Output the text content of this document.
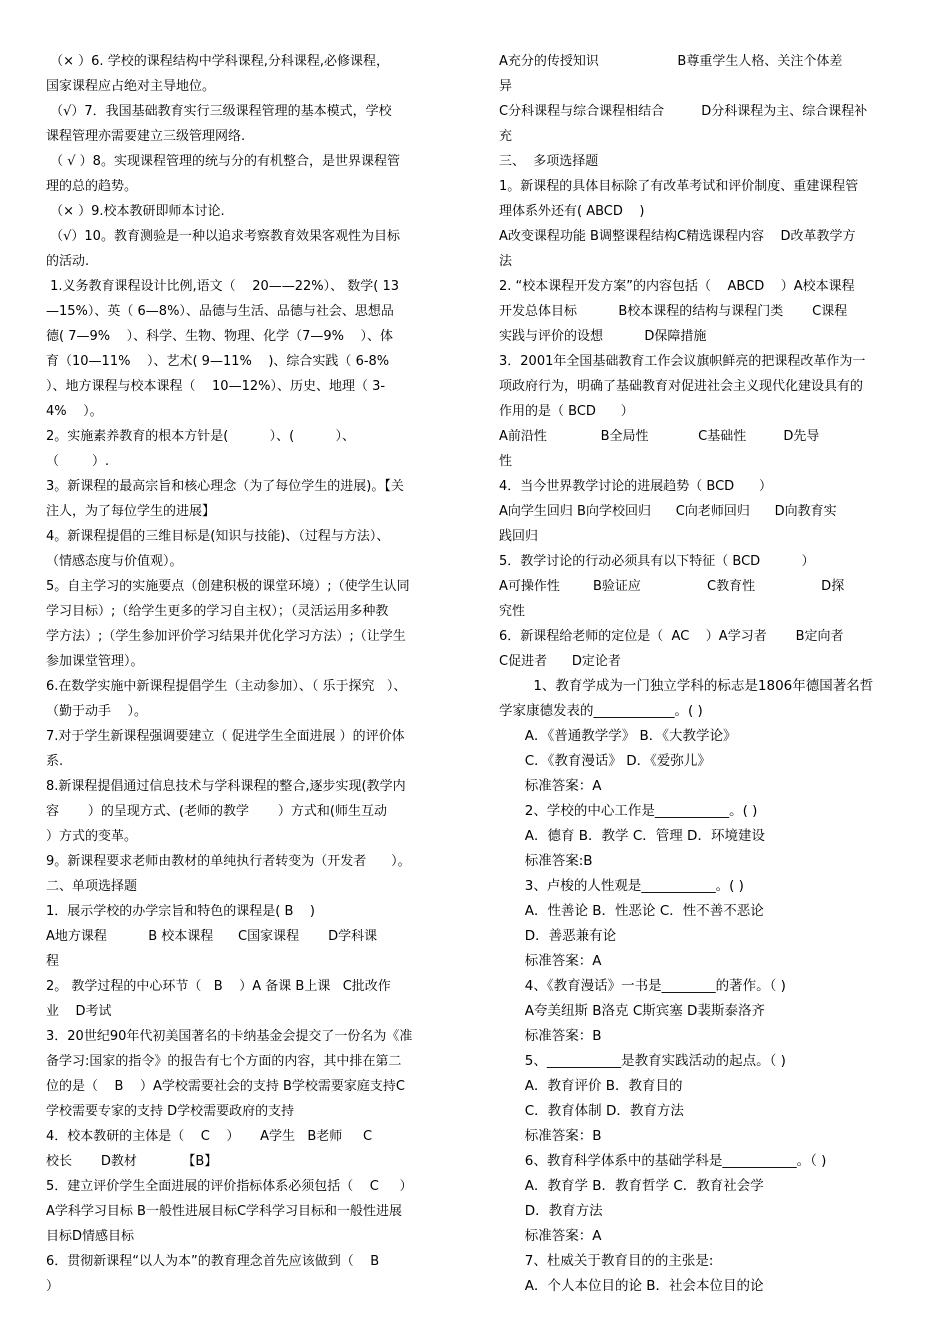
（× ）6. 学校的课程结构中学科课程,分科课程,必修课程，
国家课程应占绝对主导地位。
（√）7．我国基础教育实行三级课程管理的基本模式，学校
课程管理亦需要建立三级管理网络.
（ √ ）8。实现课程管理的统与分的有机整合，是世界课程管
理的总的趋势。
（× ）9.校本教研即师本讨论.
（√）10。教育测验是一种以追求考察教育效果客观性为目标
的活动.
1.义务教育课程设计比例,语文（    20——22%）、 数学( 13
—15%）、英（ 6—8%）、品德与生活、品德与社会、思想品
德( 7—9%    ）、科学、生物、物理、化学（7—9%    ）、体
育（10—11%    ）、艺术( 9—11%    )、综合实践（ 6-8%
）、地方课程与校本课程（    10—12%）、历史、地理（ 3-
4%    ）。
2。实施素养教育的根本方针是(          ）、(          ）、
（        ）.
3。新课程的最高宗旨和核心理念（为了每位学生的进展)。【关
注人，为了每位学生的进展】
4。新课程提倡的三维目标是(知识与技能)、（过程与方法）、
（情感态度与价值观）。
5。自主学习的实施要点（创建积极的课堂环境）;（使学生认同
学习目标）;（给学生更多的学习自主权）；（灵活运用多种教
学方法）;（学生参加评价学习结果并优化学习方法）;（让学生
参加课堂管理）。
6.在数学实施中新课程提倡学生（主动参加）、（ 乐于探究   ）、
（勤于动手    ）。
7.对于学生新课程强调要建立（ 促进学生全面进展 ）的评价体
系.
8.新课程提倡通过信息技术与学科课程的整合,逐步实现(教学内
容       ）的呈现方式、(老师的教学       ）方式和(师生互动
）方式的变革。
9。新课程要求老师由教材的单纯执行者转变为（开发者      ）。
二、单项选择题
1．展示学校的办学宗旨和特色的课程是( B    )
A地方课程          B 校本课程      C国家课程       D学科课
程
2。 教学过程的中心环节（   B    ）A 备课 B上课   C批改作
业    D考试
3．20世纪90年代初美国著名的卡纳基金会提交了一份名为《准
备学习:国家的指令》的报告有七个方面的内容，其中排在第二
位的是（    B    ）A学校需要社会的支持 B学校需要家庭支持C
学校需要专家的支持 D学校需要政府的支持
4．校本教研的主体是（    C    ）     A学生   B老师     C
校长       D教材           【B】
5．建立评价学生全面进展的评价指标体系必须包括（    C     ）
A学科学习目标 B一般性进展目标C学科学习目标和一般性进展
目标D情感目标
6．贯彻新课程“以人为本”的教育理念首先应该做到（    B
）
A充分的传授知识                   B尊重学生人格、关注个体差
异
C分科课程与综合课程相结合         D分科课程为主、综合课程补
充
三、  多项选择题
1。新课程的具体目标除了有改革考试和评价制度、重建课程管
理体系外还有( ABCD    )
A改变课程功能 B调整课程结构C精选课程内容    D改革教学方
法
2. “校本课程开发方案”的内容包括（    ABCD    ）A校本课程
开发总体目标          B校本课程的结构与课程门类       C课程
实践与评价的设想          D保障措施
3．2001年全国基础教育工作会议旗帜鲜亮的把课程改革作为一
项政府行为，明确了基础教育对促进社会主义现代化建设具有的
作用的是（ BCD      ）
A前沿性             B全局性            C基础性         D先导
性
4．当今世界教学讨论的进展趋势（ BCD      ）
A向学生回归 B向学校回归      C向老师回归      D向教育实
践回归
5．教学讨论的行动必须具有以下特征（ BCD          ）
A可操作性        B验证应                C教育性                D探
究性
6．新课程给老师的定位是（  AC    ）A学习者       B定向者
C促进者      D定论者
1、教育学成为一门独立学科的标志是1806年德国著名哲
学家康德发表的____________。( )
A．《普通教学学》 B．《大教学论》
C．《教育漫话》 D．《爱弥儿》
标准答案：A
2、学校的中心工作是___________。( )
A．德育 B．教学 C．管理 D．环境建设
标准答案:B
3、卢梭的人性观是___________。( )
A．性善论 B．性恶论 C．性不善不恶论
D．善恶兼有论
标准答案：A
4、《教育漫话》一书是________的著作。（ )
A夸美纽斯 B洛克 C斯宾塞 D裴斯泰洛齐
标准答案：B
5、___________是教育实践活动的起点。（ )
A．教育评价 B．教育目的
C．教育体制 D．教育方法
标准答案：B
6、教育科学体系中的基础学科是___________。（ )
A．教育学 B．教育哲学 C．教育社会学
D．教育方法
标准答案：A
7、杜威关于教育目的的主张是:
A．个人本位目的论 B．社会本位目的论
